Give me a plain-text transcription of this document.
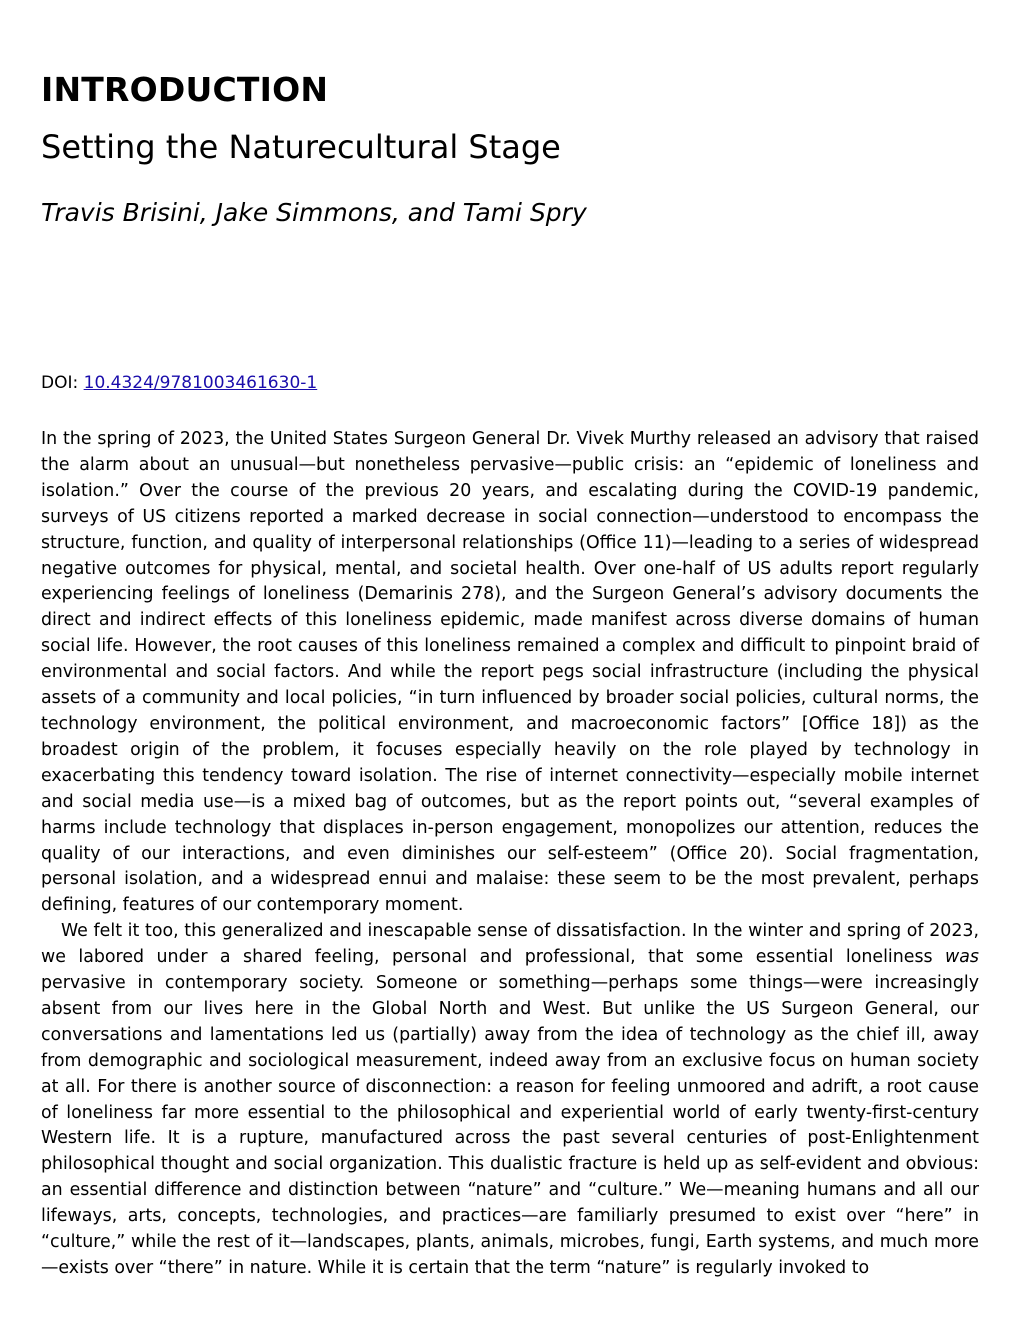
INTRODUCTION
Setting the Naturecultural Stage
Travis Brisini, Jake Simmons, and Tami Spry
DOI: 10.4324/9781003461630-1

In the spring of 2023, the United States Surgeon General Dr. Vivek Murthy released an advisory that raised the alarm about an unusual—but nonetheless pervasive—public crisis: an “epidemic of loneliness and isolation.” Over the course of the previous 20 years, and escalating during the COVID-19 pandemic, surveys of US citizens reported a marked decrease in social connection—understood to encompass the structure, function, and quality of interpersonal relationships (Office 11)—leading to a series of widespread negative outcomes for physical, mental, and societal health. Over one-half of US adults report regularly experiencing feelings of loneliness (Demarinis 278), and the Surgeon General’s advisory documents the direct and indirect effects of this loneliness epidemic, made manifest across diverse domains of human social life. However, the root causes of this loneliness remained a complex and difficult to pinpoint braid of environmental and social factors. And while the report pegs social infrastructure (including the physical assets of a community and local policies, “in turn influenced by broader social policies, cultural norms, the technology environment, the political environment, and macroeconomic factors” [Office 18]) as the broadest origin of the problem, it focuses especially heavily on the role played by technology in exacerbating this tendency toward isolation. The rise of internet connectivity—especially mobile internet and social media use—is a mixed bag of outcomes, but as the report points out, “several examples of harms include technology that displaces in-person engagement, monopolizes our attention, reduces the quality of our interactions, and even diminishes our self-esteem” (Office 20). Social fragmentation, personal isolation, and a widespread ennui and malaise: these seem to be the most prevalent, perhaps defining, features of our contemporary moment.

We felt it too, this generalized and inescapable sense of dissatisfaction. In the winter and spring of 2023, we labored under a shared feeling, personal and professional, that some essential loneliness was pervasive in contemporary society. Someone or something—perhaps some things—were increasingly absent from our lives here in the Global North and West. But unlike the US Surgeon General, our conversations and lamentations led us (partially) away from the idea of technology as the chief ill, away from demographic and sociological measurement, indeed away from an exclusive focus on human society at all. For there is another source of disconnection: a reason for feeling unmoored and adrift, a root cause of loneliness far more essential to the philosophical and experiential world of early twenty-first-century Western life. It is a rupture, manufactured across the past several centuries of post-Enlightenment philosophical thought and social organization. This dualistic fracture is held up as self-evident and obvious: an essential difference and distinction between “nature” and “culture.” We—meaning humans and all our lifeways, arts, concepts, technologies, and practices—are familiarly presumed to exist over “here” in “culture,” while the rest of it—landscapes, plants, animals, microbes, fungi, Earth systems, and much more—exists over “there” in nature. While it is certain that the term “nature” is regularly invoked to
